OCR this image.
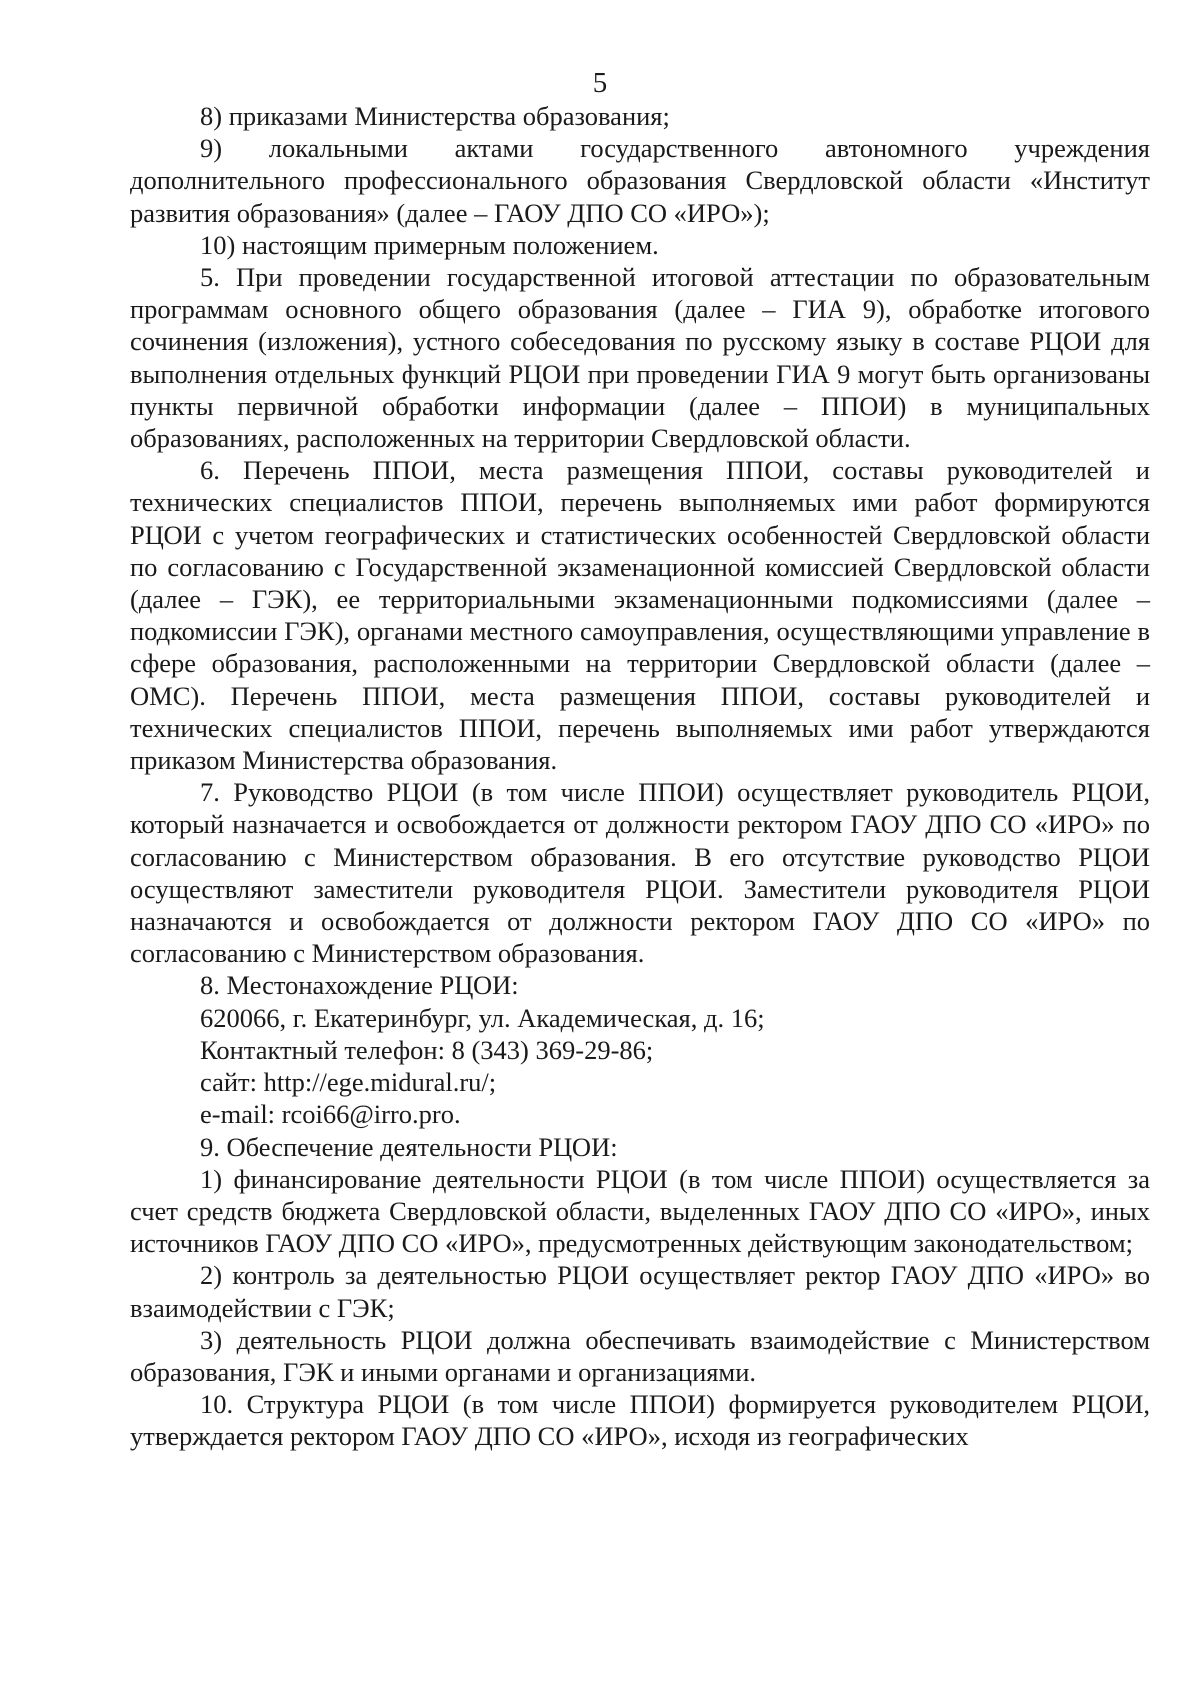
5

8) приказами Министерства образования;

9) локальными актами государственного автономного учреждения дополнительного профессионального образования Свердловской области «Институт развития образования» (далее – ГАОУ ДПО СО «ИРО»);

10) настоящим примерным положением.

5. При проведении государственной итоговой аттестации по образовательным программам основного общего образования (далее – ГИА 9), обработке итогового сочинения (изложения), устного собеседования по русскому языку в составе РЦОИ для выполнения отдельных функций РЦОИ при проведении ГИА 9 могут быть организованы пункты первичной обработки информации (далее – ППОИ) в муниципальных образованиях, расположенных на территории Свердловской области.

6. Перечень ППОИ, места размещения ППОИ, составы руководителей и технических специалистов ППОИ, перечень выполняемых ими работ формируются РЦОИ с учетом географических и статистических особенностей Свердловской области по согласованию с Государственной экзаменационной комиссией Свердловской области (далее – ГЭК), ее территориальными экзаменационными подкомиссиями (далее – подкомиссии ГЭК), органами местного самоуправления, осуществляющими управление в сфере образования, расположенными на территории Свердловской области (далее – ОМС). Перечень ППОИ, места размещения ППОИ, составы руководителей и технических специалистов ППОИ, перечень выполняемых ими работ утверждаются приказом Министерства образования.

7. Руководство РЦОИ (в том числе ППОИ) осуществляет руководитель РЦОИ, который назначается и освобождается от должности ректором ГАОУ ДПО СО «ИРО» по согласованию с Министерством образования. В его отсутствие руководство РЦОИ осуществляют заместители руководителя РЦОИ. Заместители руководителя РЦОИ назначаются и освобождается от должности ректором ГАОУ ДПО СО «ИРО» по согласованию с Министерством образования.

8. Местонахождение РЦОИ:

620066, г. Екатеринбург, ул. Академическая, д. 16;

Контактный телефон: 8 (343) 369-29-86;

сайт: http://ege.midural.ru/;

e-mail: rcoi66@irro.pro.

9. Обеспечение деятельности РЦОИ:

1) финансирование деятельности РЦОИ (в том числе ППОИ) осуществляется за счет средств бюджета Свердловской области, выделенных ГАОУ ДПО СО «ИРО», иных источников ГАОУ ДПО СО «ИРО», предусмотренных действующим законодательством;

2) контроль за деятельностью РЦОИ осуществляет ректор ГАОУ ДПО «ИРО» во взаимодействии с ГЭК;

3) деятельность РЦОИ должна обеспечивать взаимодействие с Министерством образования, ГЭК и иными органами и организациями.

10. Структура РЦОИ (в том числе ППОИ) формируется руководителем РЦОИ, утверждается ректором ГАОУ ДПО СО «ИРО», исходя из географических
